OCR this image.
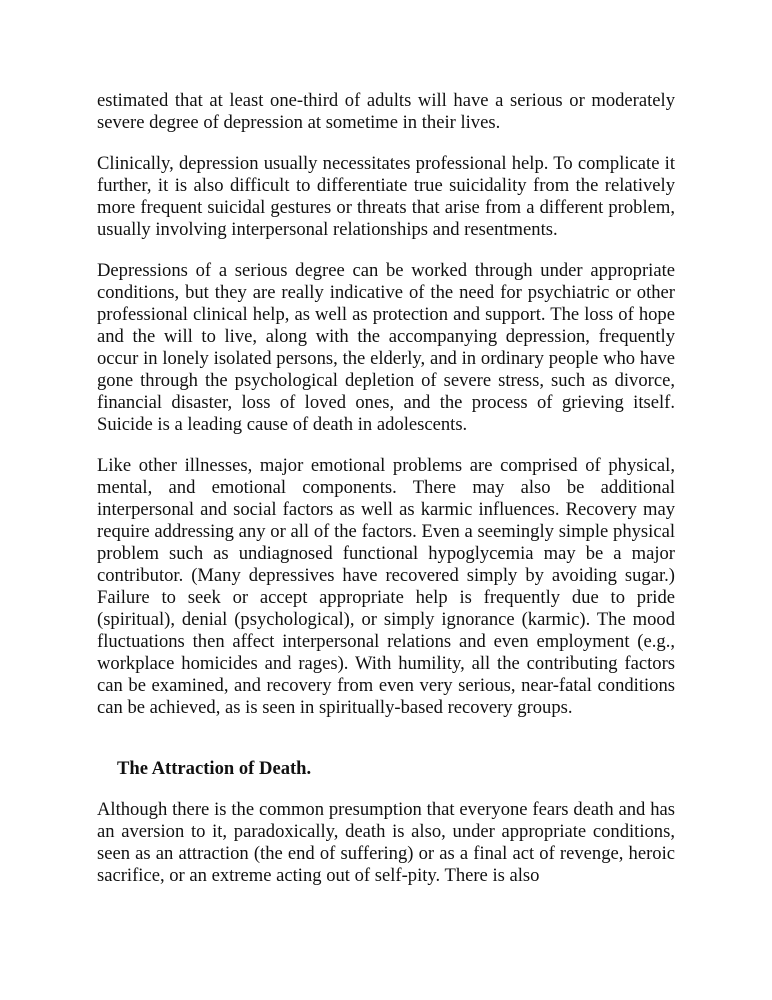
estimated that at least one-third of adults will have a serious or moderately severe degree of depression at sometime in their lives.

Clinically, depression usually necessitates professional help. To complicate it further, it is also difficult to differentiate true suicidality from the relatively more frequent suicidal gestures or threats that arise from a different problem, usually involving interpersonal relationships and resentments.

Depressions of a serious degree can be worked through under appropriate conditions, but they are really indicative of the need for psychiatric or other professional clinical help, as well as protection and support. The loss of hope and the will to live, along with the accompanying depression, frequently occur in lonely isolated persons, the elderly, and in ordinary people who have gone through the psychological depletion of severe stress, such as divorce, financial disaster, loss of loved ones, and the process of grieving itself. Suicide is a leading cause of death in adolescents.

Like other illnesses, major emotional problems are comprised of physical, mental, and emotional components. There may also be additional interpersonal and social factors as well as karmic influences. Recovery may require addressing any or all of the factors. Even a seemingly simple physical problem such as undiagnosed functional hypoglycemia may be a major contributor. (Many depressives have recovered simply by avoiding sugar.) Failure to seek or accept appropriate help is frequently due to pride (spiritual), denial (psychological), or simply ignorance (karmic). The mood fluctuations then affect interpersonal relations and even employment (e.g., workplace homicides and rages). With humility, all the contributing factors can be examined, and recovery from even very serious, near-fatal conditions can be achieved, as is seen in spiritually-based recovery groups.

The Attraction of Death.

Although there is the common presumption that everyone fears death and has an aversion to it, paradoxically, death is also, under appropriate conditions, seen as an attraction (the end of suffering) or as a final act of revenge, heroic sacrifice, or an extreme acting out of self-pity. There is also
